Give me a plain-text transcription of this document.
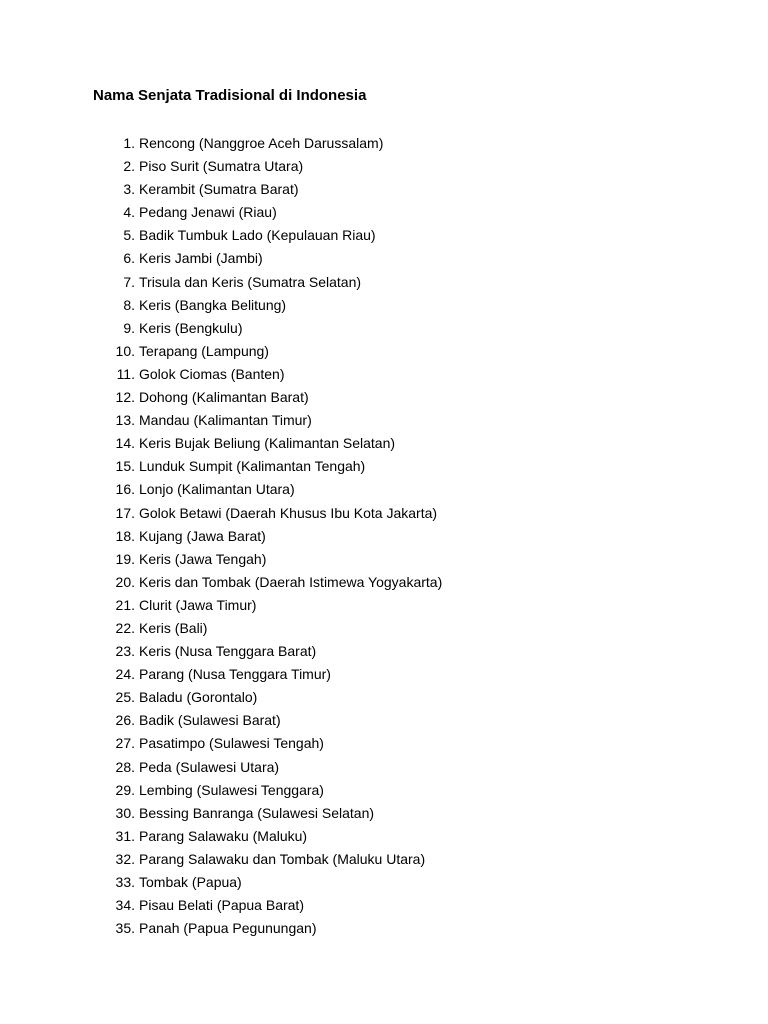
Nama Senjata Tradisional di Indonesia
1. Rencong (Nanggroe Aceh Darussalam)
2. Piso Surit (Sumatra Utara)
3. Kerambit (Sumatra Barat)
4. Pedang Jenawi (Riau)
5. Badik Tumbuk Lado (Kepulauan Riau)
6. Keris Jambi (Jambi)
7. Trisula dan Keris (Sumatra Selatan)
8. Keris (Bangka Belitung)
9. Keris (Bengkulu)
10. Terapang (Lampung)
11. Golok Ciomas (Banten)
12. Dohong (Kalimantan Barat)
13. Mandau (Kalimantan Timur)
14. Keris Bujak Beliung (Kalimantan Selatan)
15. Lunduk Sumpit (Kalimantan Tengah)
16. Lonjo (Kalimantan Utara)
17. Golok Betawi (Daerah Khusus Ibu Kota Jakarta)
18. Kujang (Jawa Barat)
19. Keris (Jawa Tengah)
20. Keris dan Tombak (Daerah Istimewa Yogyakarta)
21. Clurit (Jawa Timur)
22. Keris (Bali)
23. Keris (Nusa Tenggara Barat)
24. Parang (Nusa Tenggara Timur)
25. Baladu (Gorontalo)
26. Badik (Sulawesi Barat)
27. Pasatimpo (Sulawesi Tengah)
28. Peda (Sulawesi Utara)
29. Lembing (Sulawesi Tenggara)
30. Bessing Banranga (Sulawesi Selatan)
31. Parang Salawaku (Maluku)
32. Parang Salawaku dan Tombak (Maluku Utara)
33. Tombak (Papua)
34. Pisau Belati (Papua Barat)
35. Panah (Papua Pegunungan)
